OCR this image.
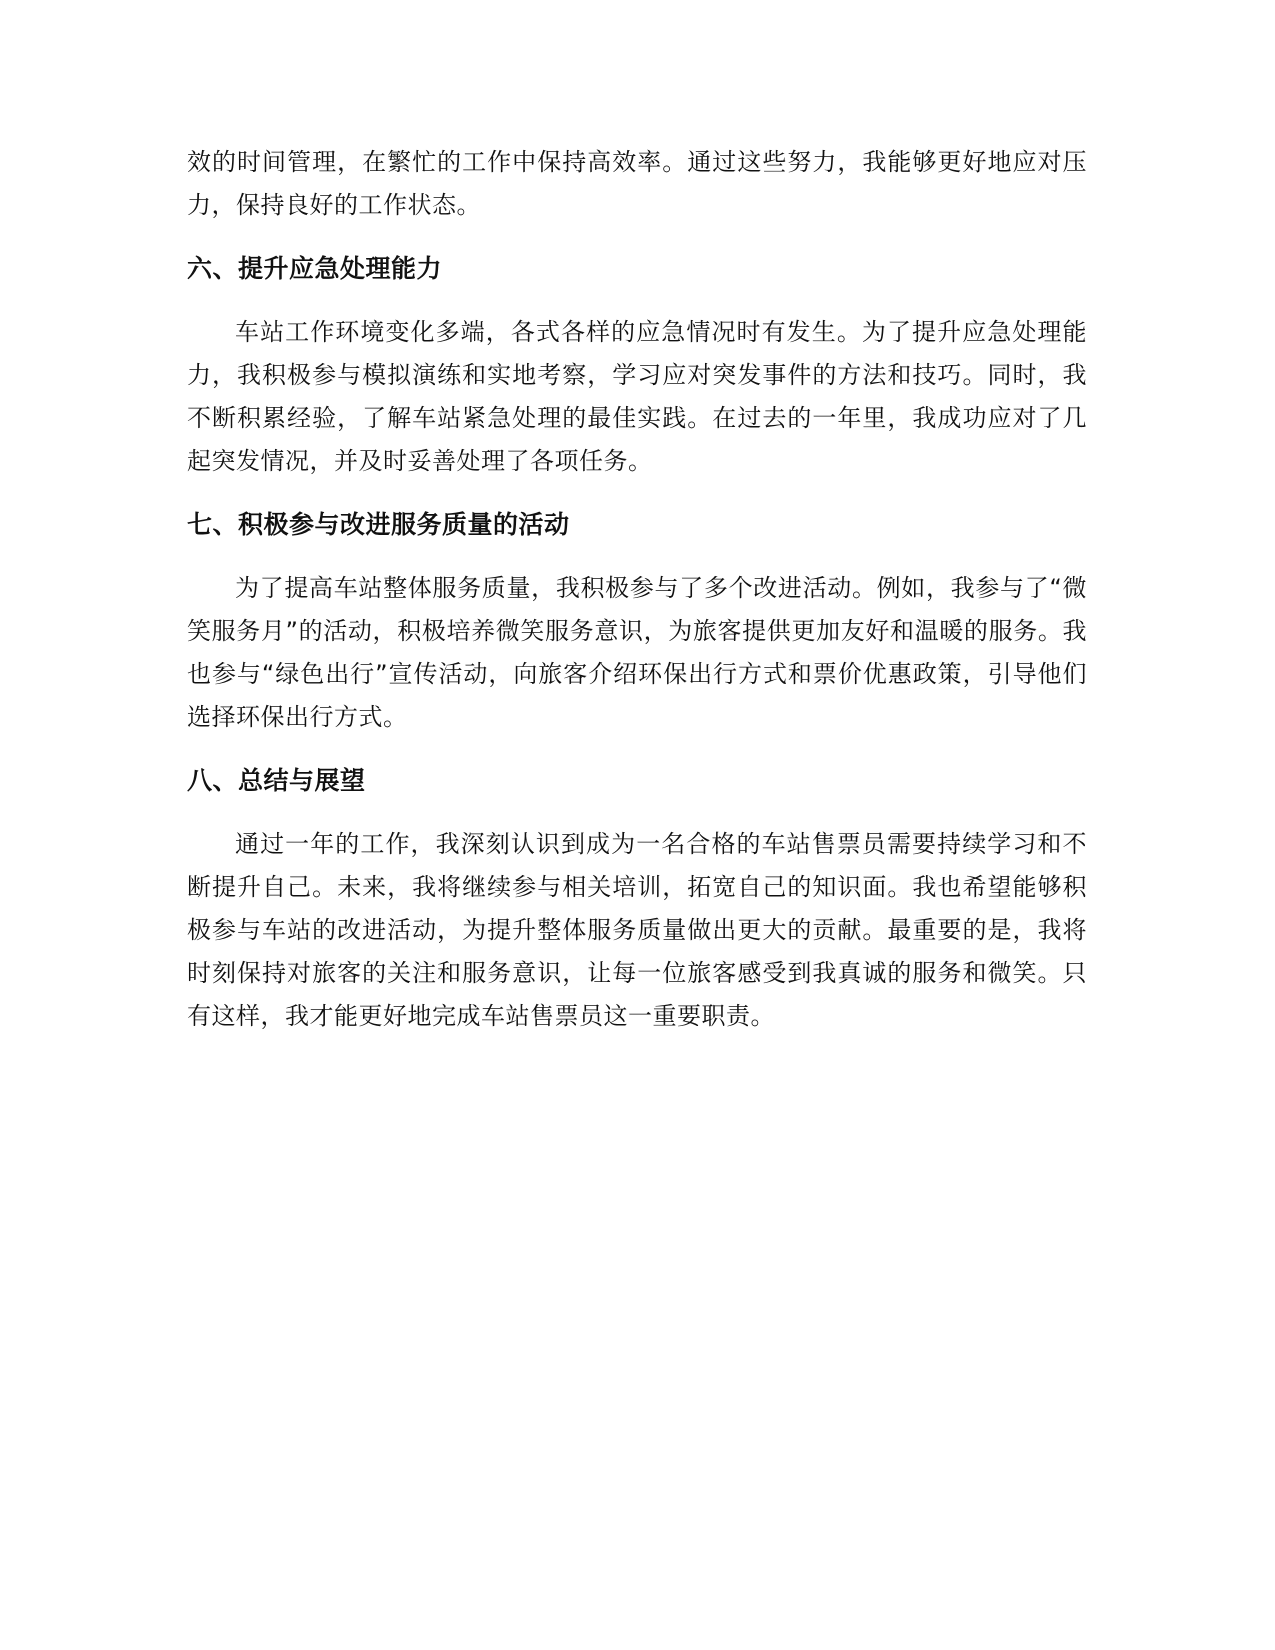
效的时间管理，在繁忙的工作中保持高效率。通过这些努力，我能够更好地应对压力，保持良好的工作状态。

六、提升应急处理能力

车站工作环境变化多端，各式各样的应急情况时有发生。为了提升应急处理能力，我积极参与模拟演练和实地考察，学习应对突发事件的方法和技巧。同时，我不断积累经验，了解车站紧急处理的最佳实践。在过去的一年里，我成功应对了几起突发情况，并及时妥善处理了各项任务。

七、积极参与改进服务质量的活动

为了提高车站整体服务质量，我积极参与了多个改进活动。例如，我参与了“微笑服务月”的活动，积极培养微笑服务意识，为旅客提供更加友好和温暖的服务。我也参与“绿色出行”宣传活动，向旅客介绍环保出行方式和票价优惠政策，引导他们选择环保出行方式。

八、总结与展望

通过一年的工作，我深刻认识到成为一名合格的车站售票员需要持续学习和不断提升自己。未来，我将继续参与相关培训，拓宽自己的知识面。我也希望能够积极参与车站的改进活动，为提升整体服务质量做出更大的贡献。最重要的是，我将时刻保持对旅客的关注和服务意识，让每一位旅客感受到我真诚的服务和微笑。只有这样，我才能更好地完成车站售票员这一重要职责。
